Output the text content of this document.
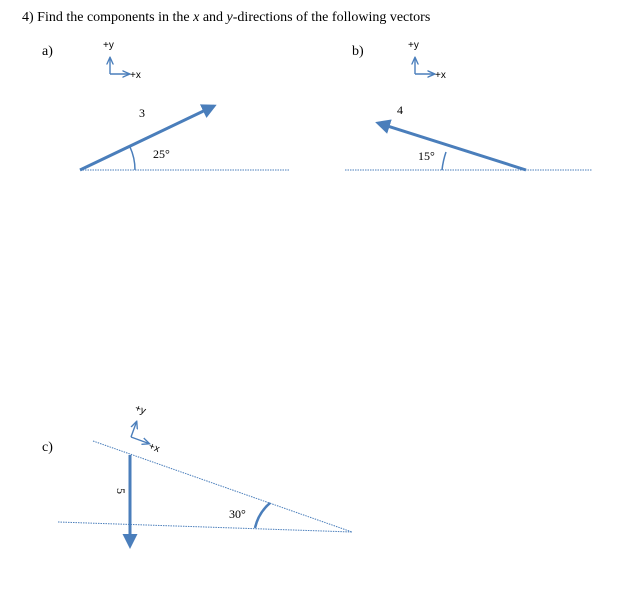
4) Find the components in the x and y-directions of the following vectors
a)	b)
c)
+y
+x
3
25°
+y
+x
4
15°
+y
+x
5
30°
